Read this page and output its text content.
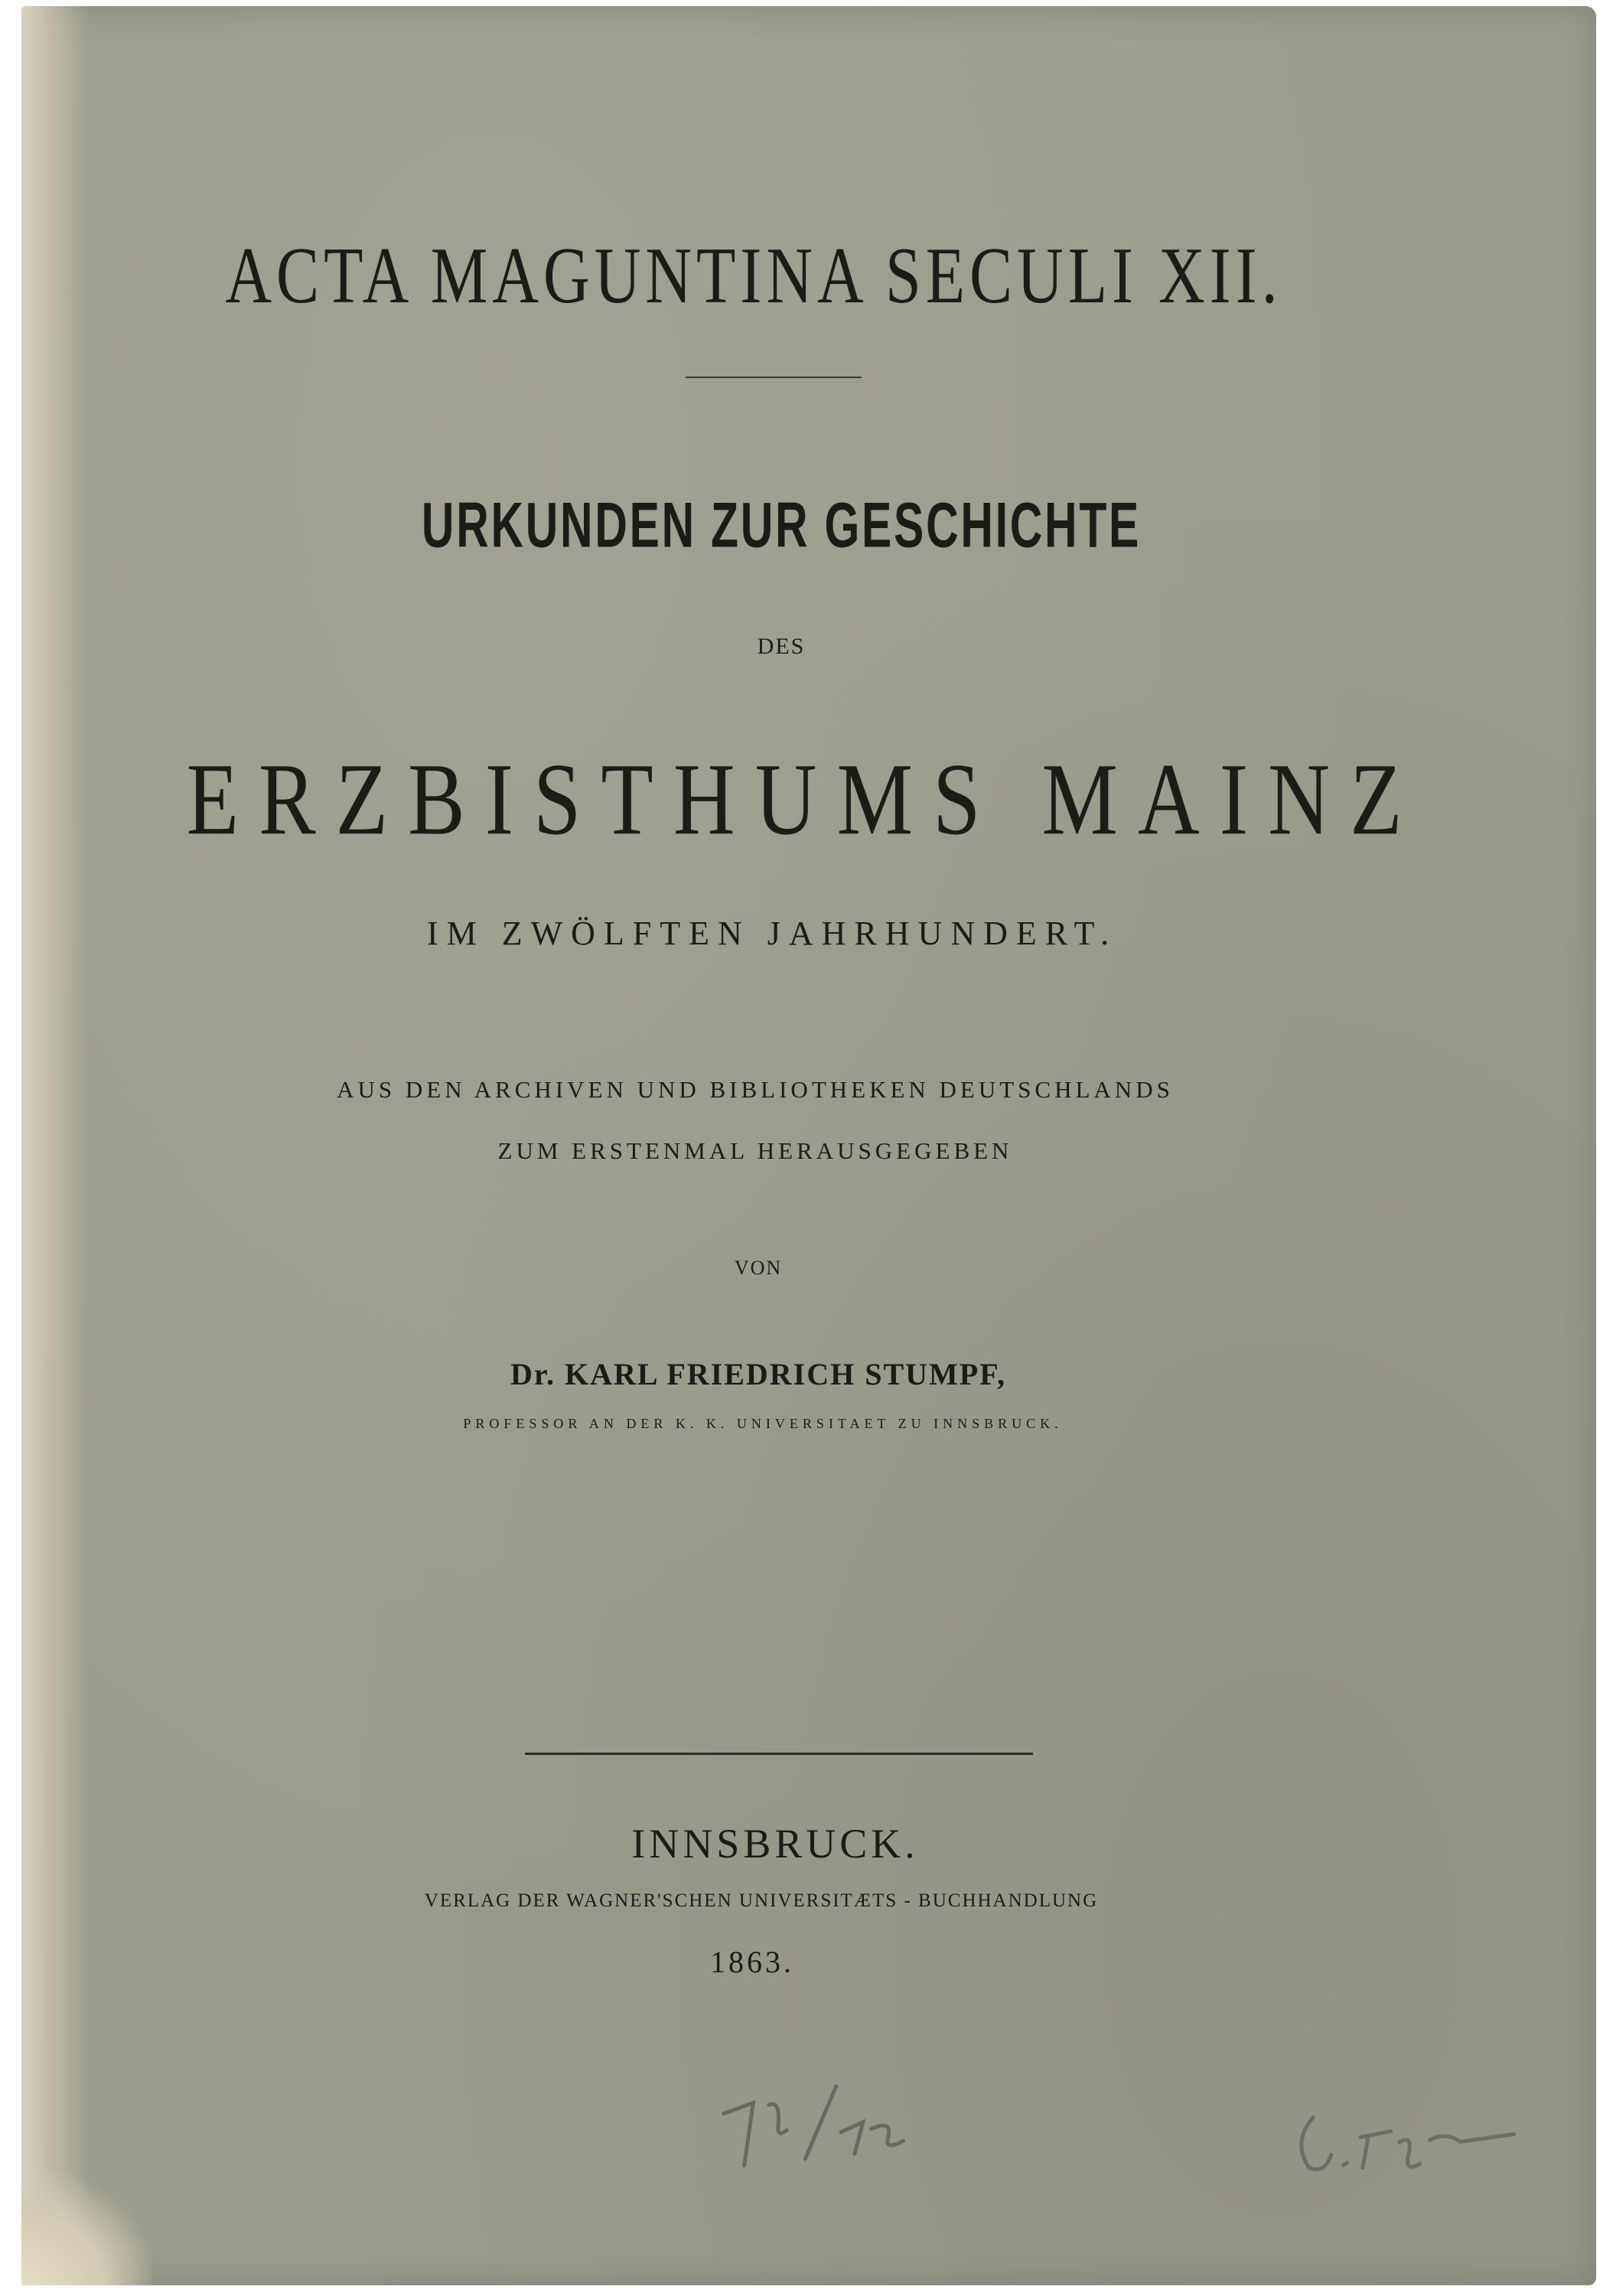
ACTA MAGUNTINA SECULI XII.
URKUNDEN ZUR GESCHICHTE
DES
ERZBISTHUMS MAINZ
IM ZWÖLFTEN JAHRHUNDERT.
AUS DEN ARCHIVEN UND BIBLIOTHEKEN DEUTSCHLANDS
ZUM ERSTENMAL HERAUSGEGEBEN
VON
Dr. KARL FRIEDRICH STUMPF,
PROFESSOR AN DER K. K. UNIVERSITAET ZU INNSBRUCK.
INNSBRUCK.
VERLAG DER WAGNER'SCHEN UNIVERSITÆTS - BUCHHANDLUNG
1863.
